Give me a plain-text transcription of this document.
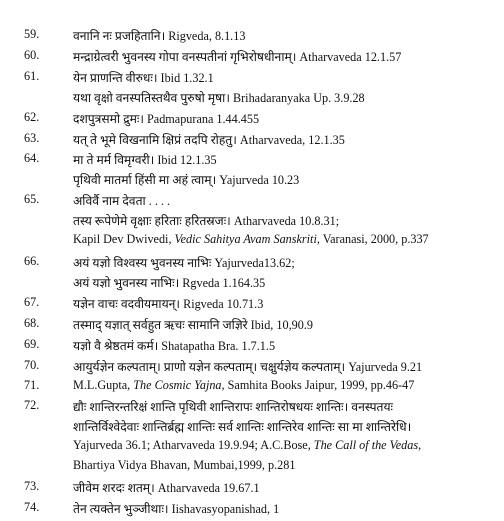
59.	वनानि नः प्रजहितानि। Rigveda, 8.1.13
60.	मन्द्राग्रेत्वरी भुवनस्य गोपा वनस्पतीनां गृभिरोषधीनाम्। Atharvaveda 12.1.57
61.	येन प्राणन्ति वीरुधः। Ibid 1.32.1
यथा वृक्षो वनस्पतिस्तथैव पुरुषो मृषा। Brihadaranyaka Up. 3.9.28
62.	दशपुत्रसमो द्रुमः। Padmapurana 1.44.455
63.	यत् ते भूमे विखनामि क्षिप्रं तदपि रोहतु। Atharvaveda, 12.1.35
64.	मा ते मर्म विमृग्वरी। Ibid 12.1.35
पृथिवी मातर्मा हिंसी मा अहं त्वाम्। Yajurveda 10.23
65.	अविर्वै नाम देवता . . . .
तस्य रूपेणेमे वृक्षाः हरिताः हरितस्रजः। Atharvaveda 10.8.31;
Kapil Dev Dwivedi, Vedic Sahitya Avam Sanskriti, Varanasi, 2000, p.337
66.	अयं यज्ञो विश्वस्य भुवनस्य नाभिः Yajurveda13.62;
अयं यज्ञो भुवनस्य नाभिः। Rgveda 1.164.35
67.	यज्ञेन वाचः वदवीयमायन्। Rigveda 10.71.3
68.	तस्माद् यज्ञात् सर्वहुत ऋचः सामानि जज्ञिरे Ibid, 10,90.9
69.	यज्ञो वै श्रेष्ठतमं कर्म। Shatapatha Bra. 1.7.1.5
70.	आयुर्यज्ञेन कल्पताम्। प्राणो यज्ञेन कल्पताम्। चक्षुर्यज्ञेय कल्पताम्। Yajurveda 9.21
71.	M.L.Gupta, The Cosmic Yajna, Samhita Books Jaipur, 1999, pp.46-47
72.	द्यौः शान्तिरन्तरिक्षं शान्ति पृथिवी शान्तिरापः शान्तिरोषधयः शान्तिः। वनस्पतयः
शान्तिर्विश्वेदेवाः शान्तिर्ब्रह्म शान्तिः सर्व शान्तिः शान्तिरेव शान्तिः सा मा शान्तिरेधि।
Yajurveda 36.1; Atharvaveda 19.9.94; A.C.Bose, The Call of the Vedas,
Bhartiya Vidya Bhavan, Mumbai,1999, p.281
73.	जीवेम शरदः शतम्। Atharvaveda 19.67.1
74.	तेन त्यक्तेन भुञ्जीथाः। Iishavasyopanishad, 1
